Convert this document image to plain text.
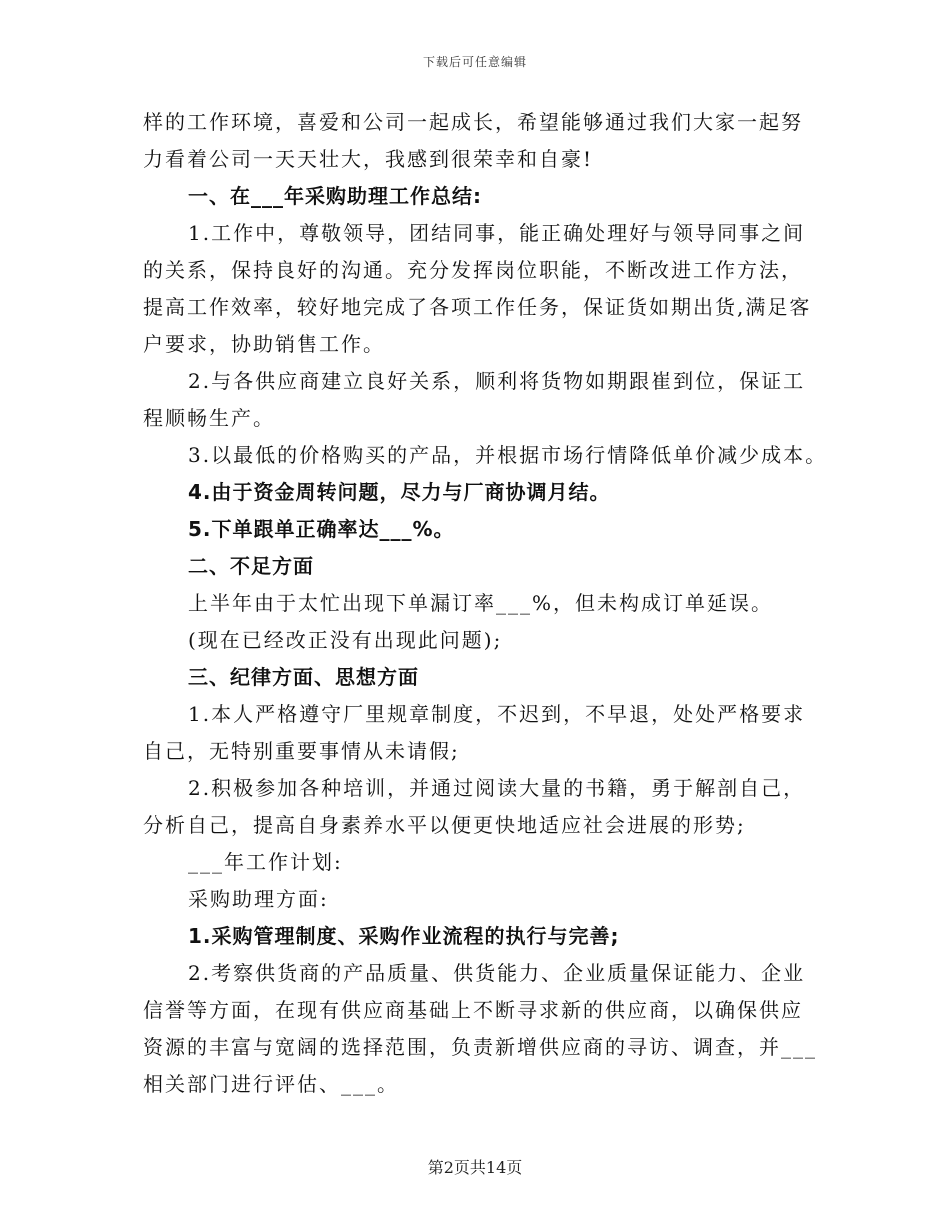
下载后可任意编辑
样的工作环境，喜爱和公司一起成长，希望能够通过我们大家一起努
力看着公司一天天壮大，我感到很荣幸和自豪!
一、在___年采购助理工作总结:
1.工作中，尊敬领导，团结同事，能正确处理好与领导同事之间
的关系，保持良好的沟通。充分发挥岗位职能，不断改进工作方法，
提高工作效率，较好地完成了各项工作任务，保证货如期出货,满足客
户要求，协助销售工作。
2.与各供应商建立良好关系，顺利将货物如期跟崔到位，保证工
程顺畅生产。
3.以最低的价格购买的产品，并根据市场行情降低单价减少成本。
4.由于资金周转问题，尽力与厂商协调月结。
5.下单跟单正确率达___%。
二、不足方面
上半年由于太忙出现下单漏订率___%，但未构成订单延误。
(现在已经改正没有出现此问题);
三、纪律方面、思想方面
1.本人严格遵守厂里规章制度，不迟到，不早退，处处严格要求
自己，无特别重要事情从未请假;
2.积极参加各种培训，并通过阅读大量的书籍，勇于解剖自己，
分析自己，提高自身素养水平以便更快地适应社会进展的形势;
___年工作计划:
采购助理方面:
1.采购管理制度、采购作业流程的执行与完善;
2.考察供货商的产品质量、供货能力、企业质量保证能力、企业
信誉等方面，在现有供应商基础上不断寻求新的供应商，以确保供应
资源的丰富与宽阔的选择范围，负责新增供应商的寻访、调查，并___
相关部门进行评估、___。
第2页共14页
